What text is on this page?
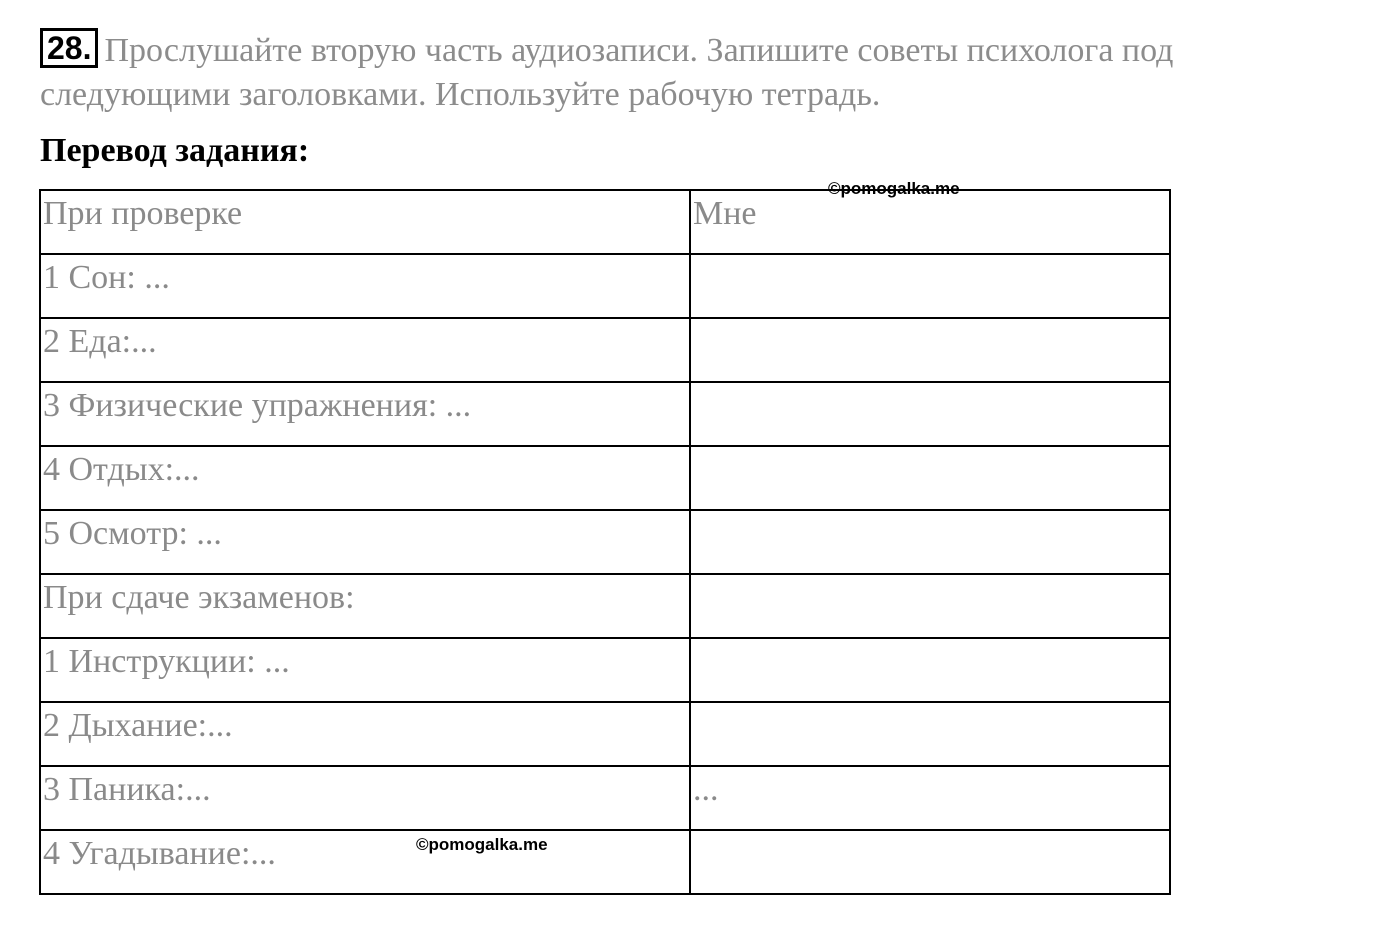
28. Прослушайте вторую часть аудиозаписи. Запишите советы психолога под следующими заголовками. Используйте рабочую тетрадь.
Перевод задания:
При проверке	Мне
1 Сон: ...	
2 Еда:...	
3 Физические упражнения: ...	
4 Отдых:...	
5 Осмотр: ...	
При сдаче экзаменов:	
1 Инструкции: ...	
2 Дыхание:...	
3 Паника:...	...
4 Угадывание:...	
©pomogalka.me
©pomogalka.me
